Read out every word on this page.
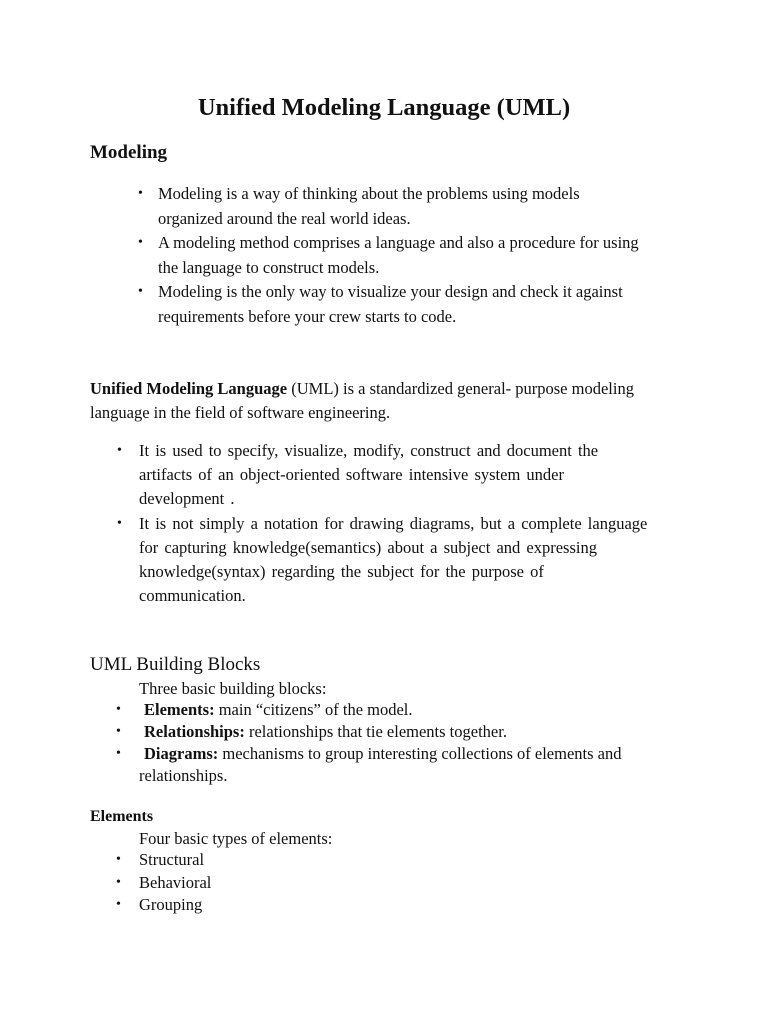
Unified Modeling Language (UML)
Modeling
• Modeling is a way of thinking about the problems using models
organized around the real world ideas.
• A modeling method comprises a language and also a procedure for using
the language to construct models.
• Modeling is the only way to visualize your design and check it against
requirements before your crew starts to code.

Unified Modeling Language (UML) is a standardized general- purpose modeling
language in the field of software engineering.

• It is used to specify, visualize, modify, construct and document the
artifacts of an object-oriented software intensive system under
development .
• It is not simply a notation for drawing diagrams, but a complete language
for capturing knowledge(semantics) about a subject and expressing
knowledge(syntax) regarding the subject for the purpose of
communication.
UML Building Blocks

Three basic building blocks:

•	Elements: main “citizens” of the model.
•	Relationships: relationships that tie elements together.
•	Diagrams: mechanisms to group interesting collections of elements and
relationships.
Elements

Four basic types of elements:

• Structural
• Behavioral
• Grouping
